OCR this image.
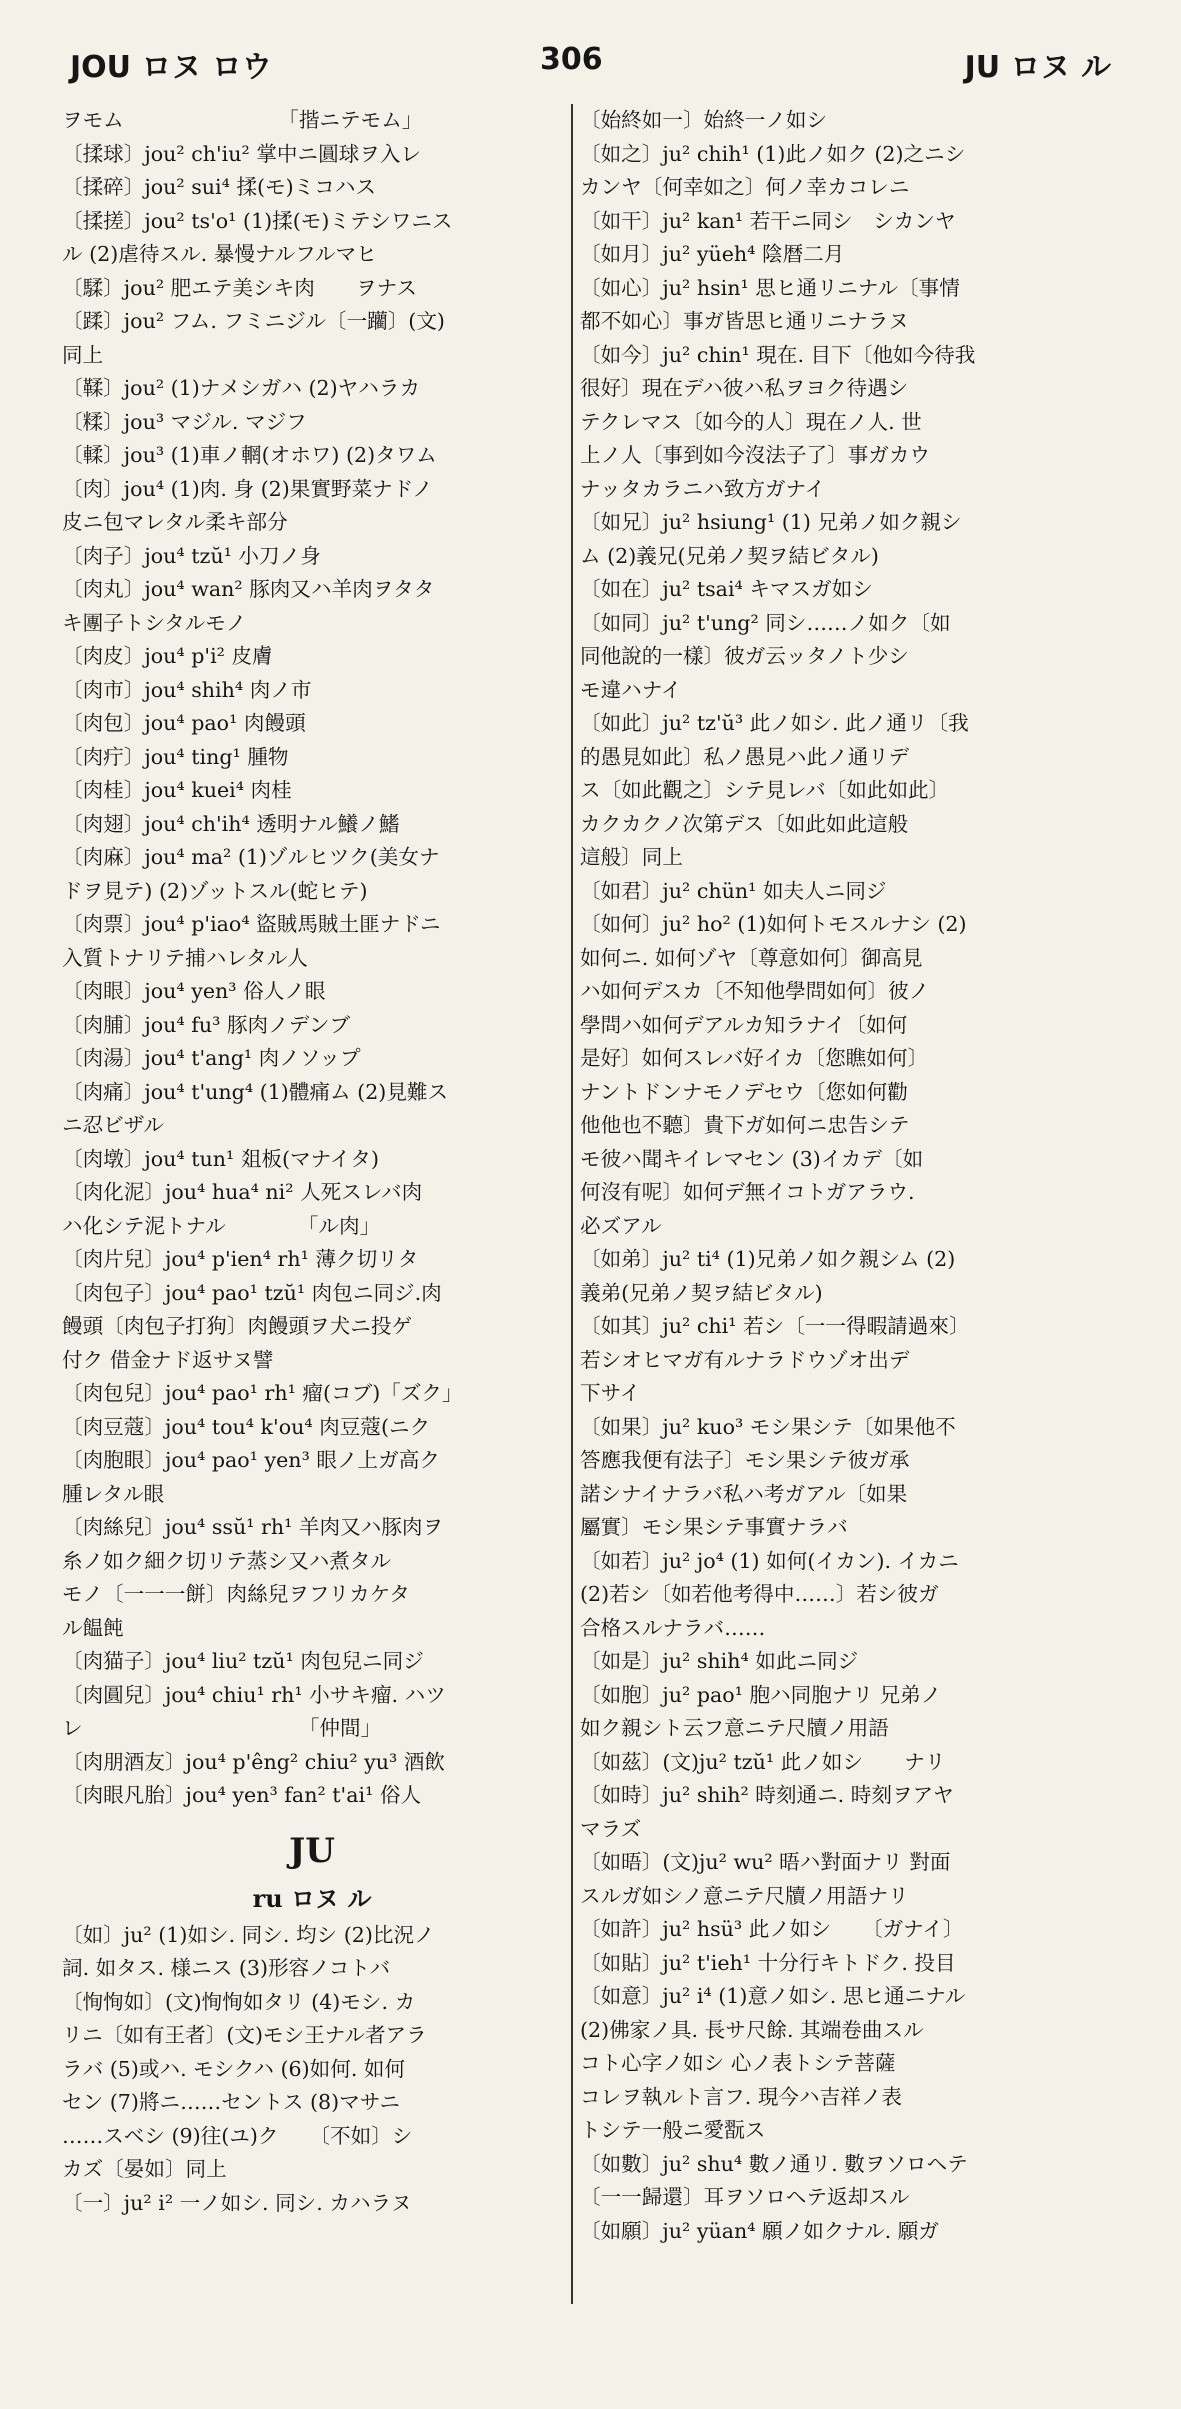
JOU ロヌ ロウ	306	JU ロヌ ル
ヲモム　　　　　　　　「揩ニテモム」
〔揉球〕jou² ch'iu² 掌中ニ圓球ヲ入レ
〔揉碎〕jou² sui⁴ 揉(モ)ミコハス
〔揉搓〕jou² ts'o¹ (1)揉(モ)ミテシワニス
ル (2)虐待スル. 暴慢ナルフルマヒ
〔騥〕jou² 肥エテ美シキ肉　　ヲナス
〔蹂〕jou² フム. フミニジル〔一躪〕(文)
同上
〔鞣〕jou² (1)ナメシガハ (2)ヤハラカ
〔糅〕jou³ マジル. マジフ
〔輮〕jou³ (1)車ノ輞(オホワ) (2)タワム
〔肉〕jou⁴ (1)肉. 身 (2)果實野菜ナドノ
皮ニ包マレタル柔キ部分
〔肉子〕jou⁴ tzŭ¹ 小刀ノ身
〔肉丸〕jou⁴ wan² 豚肉又ハ羊肉ヲタタ
キ團子トシタルモノ
〔肉皮〕jou⁴ p'i² 皮膚
〔肉市〕jou⁴ shih⁴ 肉ノ市
〔肉包〕jou⁴ pao¹ 肉饅頭
〔肉疔〕jou⁴ ting¹ 腫物
〔肉桂〕jou⁴ kuei⁴ 肉桂
〔肉翅〕jou⁴ ch'ih⁴ 透明ナル鱶ノ鰭
〔肉麻〕jou⁴ ma² (1)ゾルヒツク(美女ナ
ドヲ見テ) (2)ゾットスル(蛇ヒテ)
〔肉票〕jou⁴ p'iao⁴ 盜賊馬賊土匪ナドニ
入質トナリテ捕ハレタル人
〔肉眼〕jou⁴ yen³ 俗人ノ眼
〔肉脯〕jou⁴ fu³ 豚肉ノデンブ
〔肉湯〕jou⁴ t'ang¹ 肉ノソップ
〔肉痛〕jou⁴ t'ung⁴ (1)體痛ム (2)見難ス
ニ忍ビザル
〔肉墩〕jou⁴ tun¹ 爼板(マナイタ)
〔肉化泥〕jou⁴ hua⁴ ni² 人死スレバ肉
ハ化シテ泥トナル　　　　「ル肉」
〔肉片兒〕jou⁴ p'ien⁴ rh¹ 薄ク切リタ
〔肉包子〕jou⁴ pao¹ tzŭ¹ 肉包ニ同ジ.肉
饅頭〔肉包子打狗〕肉饅頭ヲ犬ニ投ゲ
付ク 借金ナド返サヌ譬
〔肉包兒〕jou⁴ pao¹ rh¹ 瘤(コブ)「ズク」
〔肉豆蔻〕jou⁴ tou⁴ k'ou⁴ 肉豆蔻(ニク
〔肉胞眼〕jou⁴ pao¹ yen³ 眼ノ上ガ高ク
腫レタル眼
〔肉絲兒〕jou⁴ ssŭ¹ rh¹ 羊肉又ハ豚肉ヲ
糸ノ如ク細ク切リテ蒸シ又ハ煮タル
モノ〔一一一餅〕肉絲兒ヲフリカケタ
ル饂飩
〔肉猫子〕jou⁴ liu² tzŭ¹ 肉包兒ニ同ジ
〔肉圓兒〕jou⁴ chiu¹ rh¹ 小サキ瘤. ハツ
レ　　　　　　　　　　　「仲間」
〔肉朋酒友〕jou⁴ p'êng² chiu² yu³ 酒飲
〔肉眼凡胎〕jou⁴ yen³ fan² t'ai¹ 俗人
JU
ru ロヌ ル
〔如〕ju² (1)如シ. 同シ. 均シ (2)比況ノ
詞. 如タス. 様ニス (3)形容ノコトバ
〔恂恂如〕(文)恂恂如タリ (4)モシ. カ
リニ〔如有王者〕(文)モシ王ナル者アラ
ラバ (5)或ハ. モシクハ (6)如何. 如何
セン (7)將ニ……セントス (8)マサニ
……スベシ (9)往(ユ)ク　　〔不如〕シ
カズ〔晏如〕同上
〔一〕ju² i² 一ノ如シ. 同シ. カハラヌ
〔始終如一〕始終一ノ如シ
〔如之〕ju² chih¹ (1)此ノ如ク (2)之ニシ
カンヤ〔何幸如之〕何ノ幸カコレニ
〔如干〕ju² kan¹ 若干ニ同シ　シカンヤ
〔如月〕ju² yüeh⁴ 陰暦二月
〔如心〕ju² hsin¹ 思ヒ通リニナル〔事情
都不如心〕事ガ皆思ヒ通リニナラヌ
〔如今〕ju² chin¹ 現在. 目下〔他如今待我
很好〕現在デハ彼ハ私ヲヨク待遇シ
テクレマス〔如今的人〕現在ノ人. 世
上ノ人〔事到如今沒法子了〕事ガカウ
ナッタカラニハ致方ガナイ
〔如兄〕ju² hsiung¹ (1) 兄弟ノ如ク親シ
ム (2)義兄(兄弟ノ契ヲ結ビタル)
〔如在〕ju² tsai⁴ キマスガ如シ
〔如同〕ju² t'ung² 同シ……ノ如ク〔如
同他說的一樣〕彼ガ云ッタノト少シ
モ違ハナイ
〔如此〕ju² tz'ŭ³ 此ノ如シ. 此ノ通リ〔我
的愚見如此〕私ノ愚見ハ此ノ通リデ
ス〔如此觀之〕シテ見レバ〔如此如此〕
カクカクノ次第デス〔如此如此這般
這般〕同上
〔如君〕ju² chün¹ 如夫人ニ同ジ
〔如何〕ju² ho² (1)如何トモスルナシ (2)
如何ニ. 如何ゾヤ〔尊意如何〕御高見
ハ如何デスカ〔不知他學問如何〕彼ノ
學問ハ如何デアルカ知ラナイ〔如何
是好〕如何スレバ好イカ〔您瞧如何〕
ナントドンナモノデセウ〔您如何勸
他他也不聽〕貴下ガ如何ニ忠告シテ
モ彼ハ聞キイレマセン (3)イカデ〔如
何沒有呢〕如何デ無イコトガアラウ.
必ズアル
〔如弟〕ju² ti⁴ (1)兄弟ノ如ク親シム (2)
義弟(兄弟ノ契ヲ結ビタル)
〔如其〕ju² chi¹ 若シ〔一一得暇請過來〕
若シオヒマガ有ルナラドウゾオ出デ
下サイ
〔如果〕ju² kuo³ モシ果シテ〔如果他不
答應我便有法子〕モシ果シテ彼ガ承
諾シナイナラバ私ハ考ガアル〔如果
屬實〕モシ果シテ事實ナラバ
〔如若〕ju² jo⁴ (1) 如何(イカン). イカニ
(2)若シ〔如若他考得中……〕若シ彼ガ
合格スルナラバ……
〔如是〕ju² shih⁴ 如此ニ同ジ
〔如胞〕ju² pao¹ 胞ハ同胞ナリ 兄弟ノ
如ク親シト云フ意ニテ尺牘ノ用語
〔如茲〕(文)ju² tzŭ¹ 此ノ如シ　　ナリ
〔如時〕ju² shih² 時刻通ニ. 時刻ヲアヤ
マラズ
〔如晤〕(文)ju² wu² 晤ハ對面ナリ 對面
スルガ如シノ意ニテ尺牘ノ用語ナリ
〔如許〕ju² hsü³ 此ノ如シ　　〔ガナイ〕
〔如貼〕ju² t'ieh¹ 十分行キトドク. 投目
〔如意〕ju² i⁴ (1)意ノ如シ. 思ヒ通ニナル
(2)佛家ノ具. 長サ尺餘. 其端卷曲スル
コト心字ノ如シ 心ノ表トシテ菩薩
コレヲ執ルト言フ. 現今ハ吉祥ノ表
トシテ一般ニ愛翫ス
〔如數〕ju² shu⁴ 數ノ通リ. 數ヲソロヘテ
〔一一歸還〕耳ヲソロヘテ返却スル
〔如願〕ju² yüan⁴ 願ノ如クナル. 願ガ
